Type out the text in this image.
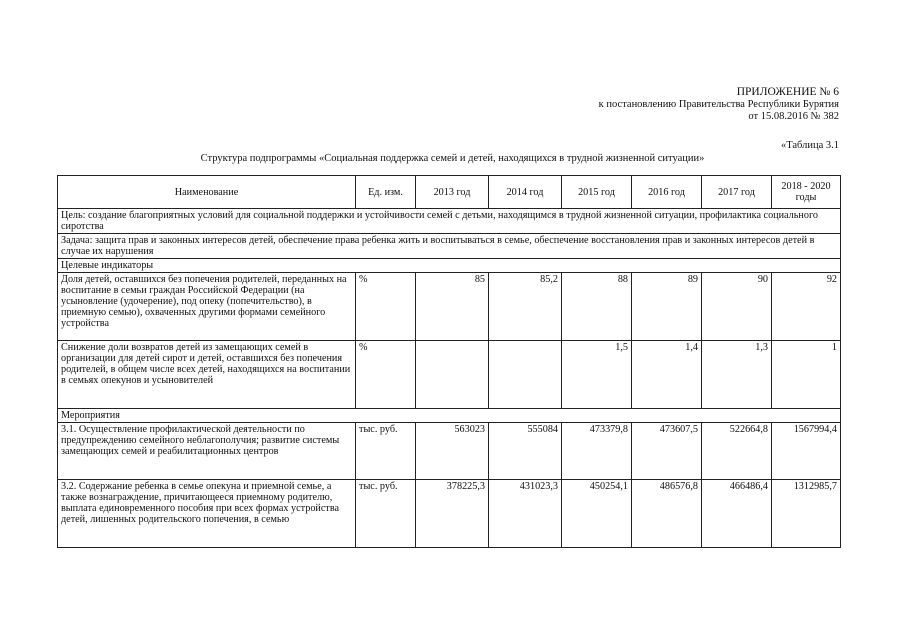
ПРИЛОЖЕНИЕ № 6
к постановлению Правительства Республики Бурятия
от 15.08.2016 № 382
«Таблица 3.1
Структура подпрограммы «Социальная поддержка семей и детей, находящихся в трудной жизненной ситуации»
Наименование	Ед. изм.	2013 год	2014 год	2015 год	2016 год	2017 год	2018 - 2020 годы
Цель: создание благоприятных условий для социальной поддержки и устойчивости семей с детьми, находящимся в трудной жизненной ситуации, профилактика социального сиротства							
Задача: защита прав и законных интересов детей, обеспечение права ребенка жить и воспитываться в семье, обеспечение восстановления прав и законных интересов детей в случае их нарушения							
Целевые индикаторы							
Доля детей, оставшихся без попечения родителей, переданных на воспитание в семьи граждан Российской Федерации (на усыновление (удочерение), под опеку (попечительство), в приемную семью), охваченных другими формами семейного устройства	%	85	85,2	88	89	90	92
Снижение доли возвратов детей из замещающих семей в организации для детей сирот и детей, оставшихся без попечения родителей, в общем числе всех детей, находящихся на воспитании в семьях опекунов и усыновителей	%			1,5	1,4	1,3	1
Мероприятия							
3.1. Осуществление профилактической деятельности по предупреждению семейного неблагополучия; развитие системы замещающих семей и реабилитационных центров	тыс. руб.	563023	555084	473379,8	473607,5	522664,8	1567994,4
3.2. Содержание ребенка в семье опекуна и приемной семье, а также вознаграждение, причитающееся приемному родителю, выплата единовременного пособия при всех формах устройства детей, лишенных родительского попечения, в семью	тыс. руб.	378225,3	431023,3	450254,1	486576,8	466486,4	1312985,7
